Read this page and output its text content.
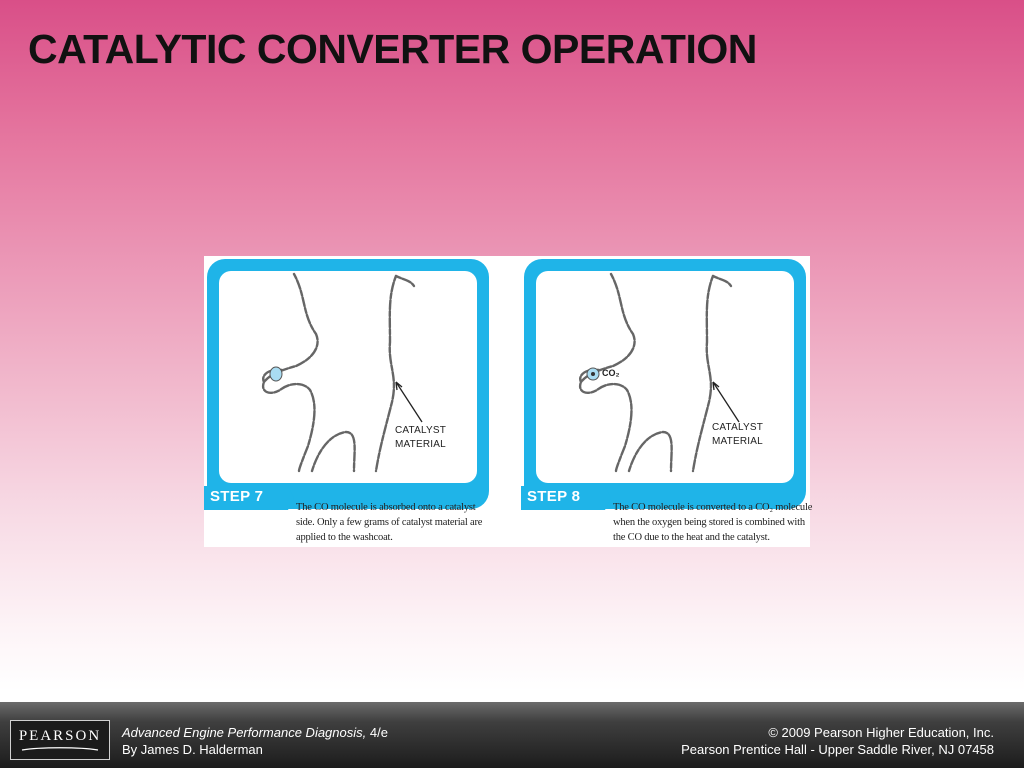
CATALYTIC CONVERTER OPERATION
CATALYST
MATERIAL
STEP 7
The CO molecule is absorbed onto a catalyst side. Only a few grams of catalyst material are applied to the washcoat.
CO₂
CATALYST
MATERIAL
STEP 8
The CO molecule is converted to a CO₂ molecule when the oxygen being stored is combined with the CO due to the heat and the catalyst.
PEARSON Advanced Engine Performance Diagnosis, 4/e
By James D. Halderman
© 2009 Pearson Higher Education, Inc.
Pearson Prentice Hall - Upper Saddle River, NJ 07458
